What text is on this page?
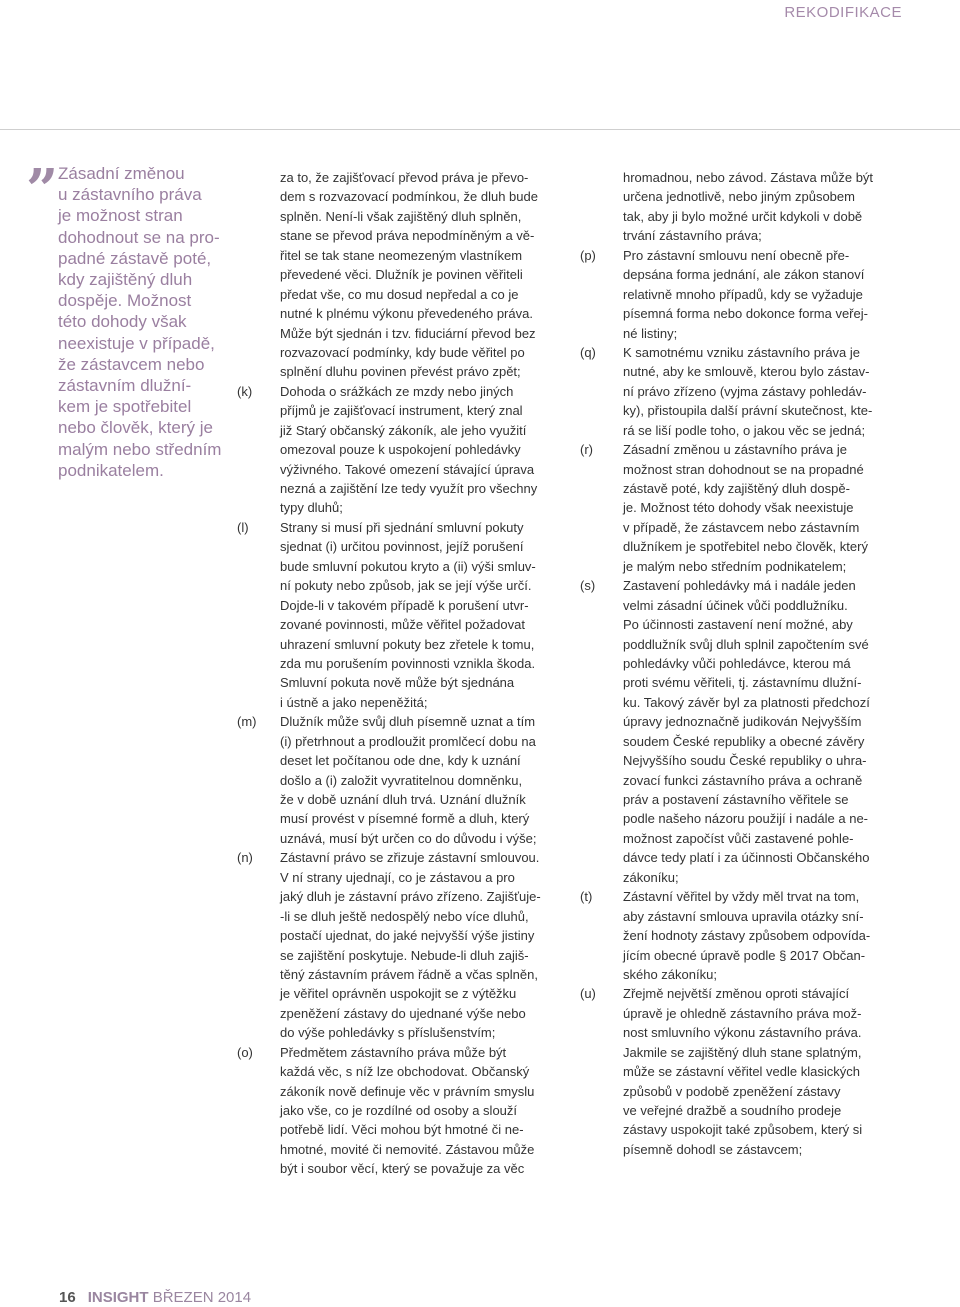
REKODIFIKACE
” Zásadní změnou
u zástavního práva
je možnost stran
dohodnout se na pro-
padné zástavě poté,
kdy zajištěný dluh
dospěje. Možnost
této dohody však
neexistuje v případě,
že zástavcem nebo
zástavním dlužní-
kem je spotřebitel
nebo člověk, který je
malým nebo středním
podnikatelem.
za to, že zajišťovací převod práva je převo-
dem s rozvazovací podmínkou, že dluh bude
splněn. Není-li však zajištěný dluh splněn,
stane se převod práva nepodmíněným a vě-
řitel se tak stane neomezeným vlastníkem
převedené věci. Dlužník je povinen věřiteli
předat vše, co mu dosud nepředal a co je
nutné k plnému výkonu převedeného práva.
Může být sjednán i tzv. fiduciární převod bez
rozvazovací podmínky, kdy bude věřitel po
splnění dluhu povinen převést právo zpět;
(k) Dohoda o srážkách ze mzdy nebo jiných
příjmů je zajišťovací instrument, který znal
již Starý občanský zákoník, ale jeho využití
omezoval pouze k uspokojení pohledávky
výživného. Takové omezení stávající úprava
nezná a zajištění lze tedy využít pro všechny
typy dluhů;
(l) Strany si musí při sjednání smluvní pokuty
sjednat (i) určitou povinnost, jejíž porušení
bude smluvní pokutou kryto a (ii) výši smluv-
ní pokuty nebo způsob, jak se její výše určí.
Dojde-li v takovém případě k porušení utvr-
zované povinnosti, může věřitel požadovat
uhrazení smluvní pokuty bez zřetele k tomu,
zda mu porušením povinnosti vznikla škoda.
Smluvní pokuta nově může být sjednána
i ústně a jako nepeněžitá;
(m) Dlužník může svůj dluh písemně uznat a tím
(i) přetrhnout a prodloužit promlčecí dobu na
deset let počítanou ode dne, kdy k uznání
došlo a (i) založit vyvratitelnou domněnku,
že v době uznání dluh trvá. Uznání dlužník
musí provést v písemné formě a dluh, který
uznává, musí být určen co do důvodu i výše;
(n) Zástavní právo se zřizuje zástavní smlouvou.
V ní strany ujednají, co je zástavou a pro
jaký dluh je zástavní právo zřízeno. Zajišťuje-
-li se dluh ještě nedospělý nebo více dluhů,
postačí ujednat, do jaké nejvyšší výše jistiny
se zajištění poskytuje. Nebude-li dluh zajiš-
těný zástavním právem řádně a včas splněn,
je věřitel oprávněn uspokojit se z výtěžku
zpeněžení zástavy do ujednané výše nebo
do výše pohledávky s příslušenstvím;
(o) Předmětem zástavního práva může být
každá věc, s níž lze obchodovat. Občanský
zákoník nově definuje věc v právním smyslu
jako vše, co je rozdílné od osoby a slouží
potřebě lidí. Věci mohou být hmotné či ne-
hmotné, movité či nemovité. Zástavou může
být i soubor věcí, který se považuje za věc
hromadnou, nebo závod. Zástava může být
určena jednotlivě, nebo jiným způsobem
tak, aby ji bylo možné určit kdykoli v době
trvání zástavního práva;
(p) Pro zástavní smlouvu není obecně pře-
depsána forma jednání, ale zákon stanoví
relativně mnoho případů, kdy se vyžaduje
písemná forma nebo dokonce forma veřej-
né listiny;
(q) K samotnému vzniku zástavního práva je
nutné, aby ke smlouvě, kterou bylo zástav-
ní právo zřízeno (vyjma zástavy pohledáv-
ky), přistoupila další právní skutečnost, kte-
rá se liší podle toho, o jakou věc se jedná;
(r) Zásadní změnou u zástavního práva je
možnost stran dohodnout se na propadné
zástavě poté, kdy zajištěný dluh dospě-
je. Možnost této dohody však neexistuje
v případě, že zástavcem nebo zástavním
dlužníkem je spotřebitel nebo člověk, který
je malým nebo středním podnikatelem;
(s) Zastavení pohledávky má i nadále jeden
velmi zásadní účinek vůči poddlužníku.
Po účinnosti zastavení není možné, aby
poddlužník svůj dluh splnil započtením své
pohledávky vůči pohledávce, kterou má
proti svému věřiteli, tj. zástavnímu dlužní-
ku. Takový závěr byl za platnosti předchozí
úpravy jednoznačně judikován Nejvyšším
soudem České republiky a obecné závěry
Nejvyššího soudu České republiky o uhra-
zovací funkci zástavního práva a ochraně
práv a postavení zástavního věřitele se
podle našeho názoru použijí i nadále a ne-
možnost započíst vůči zastavené pohle-
dávce tedy platí i za účinnosti Občanského
zákoníku;
(t) Zástavní věřitel by vždy měl trvat na tom,
aby zástavní smlouva upravila otázky sní-
žení hodnoty zástavy způsobem odpovída-
jícím obecné úpravě podle § 2017 Občan-
ského zákoníku;
(u) Zřejmě největší změnou oproti stávající
úpravě je ohledně zástavního práva mož-
nost smluvního výkonu zástavního práva.
Jakmile se zajištěný dluh stane splatným,
může se zástavní věřitel vedle klasických
způsobů v podobě zpeněžení zástavy
ve veřejné dražbě a soudního prodeje
zástavy uspokojit také způsobem, který si
písemně dohodl se zástavcem;
16 INSIGHT BŘEZEN 2014
